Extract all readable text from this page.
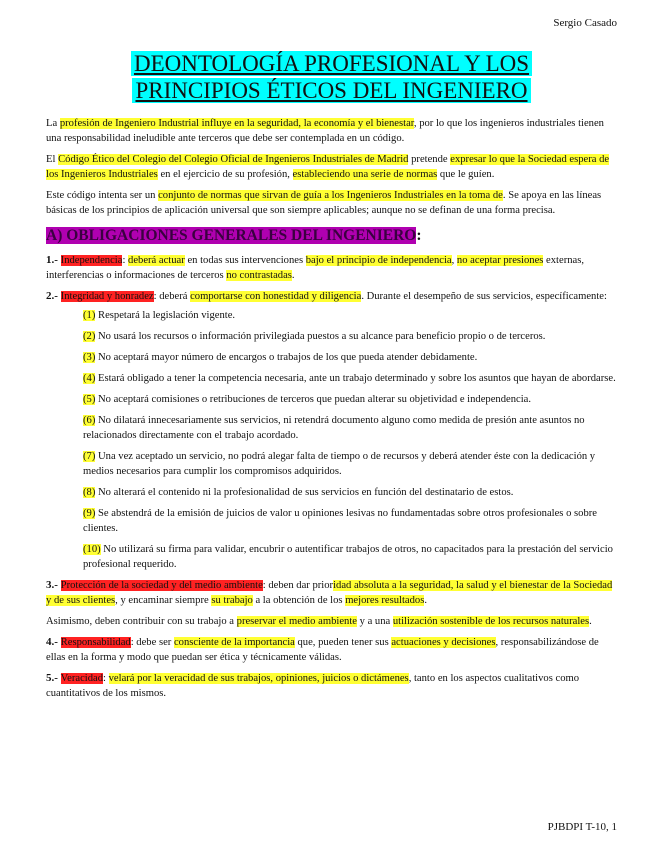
Sergio Casado
DEONTOLOGÍA PROFESIONAL Y LOS
PRINCIPIOS ÉTICOS DEL INGENIERO

La profesión de Ingeniero Industrial influye en la seguridad, la economía y el bienestar, por lo que los ingenieros industriales tienen una responsabilidad ineludible ante terceros que debe ser contemplada en un código.

El Código Ético del Colegio del Colegio Oficial de Ingenieros Industriales de Madrid pretende expresar lo que la Sociedad espera de los Ingenieros Industriales en el ejercicio de su profesión, estableciendo una serie de normas que le guíen.

Este código intenta ser un conjunto de normas que sirvan de guía a los Ingenieros Industriales en la toma de. Se apoya en las líneas básicas de los principios de aplicación universal que son siempre aplicables; aunque no se definan de una forma precisa.

A) OBLIGACIONES GENERALES DEL INGENIERO:

1.- Independencia: deberá actuar en todas sus intervenciones bajo el principio de independencia, no aceptar presiones externas, interferencias o informaciones de terceros no contrastadas.

2.- Integridad y honradez: deberá comportarse con honestidad y diligencia. Durante el desempeño de sus servicios, específicamente:

(1) Respetará la legislación vigente.
(2) No usará los recursos o información privilegiada puestos a su alcance para beneficio propio o de terceros.
(3) No aceptará mayor número de encargos o trabajos de los que pueda atender debidamente.
(4) Estará obligado a tener la competencia necesaria, ante un trabajo determinado y sobre los asuntos que hayan de abordarse.
(5) No aceptará comisiones o retribuciones de terceros que puedan alterar su objetividad e independencia.
(6) No dilatará innecesariamente sus servicios, ni retendrá documento alguno como medida de presión ante asuntos no relacionados directamente con el trabajo acordado.
(7) Una vez aceptado un servicio, no podrá alegar falta de tiempo o de recursos y deberá atender éste con la dedicación y medios necesarios para cumplir los compromisos adquiridos.
(8) No alterará el contenido ni la profesionalidad de sus servicios en función del destinatario de estos.
(9) Se abstendrá de la emisión de juicios de valor u opiniones lesivas no fundamentadas sobre otros profesionales o sobre clientes.
(10) No utilizará su firma para validar, encubrir o autentificar trabajos de otros, no capacitados para la prestación del servicio profesional requerido.

3.- Protección de la sociedad y del medio ambiente: deben dar prioridad absoluta a la seguridad, la salud y el bienestar de la Sociedad y de sus clientes, y encaminar siempre su trabajo a la obtención de los mejores resultados.

Asimismo, deben contribuir con su trabajo a preservar el medio ambiente y a una utilización sostenible de los recursos naturales.

4.- Responsabilidad: debe ser consciente de la importancia que, pueden tener sus actuaciones y decisiones, responsabilizándose de ellas en la forma y modo que puedan ser ética y técnicamente válidas.

5.- Veracidad: velará por la veracidad de sus trabajos, opiniones, juicios o dictámenes, tanto en los aspectos cualitativos como cuantitativos de los mismos.

PJBDPI T-10, 1
